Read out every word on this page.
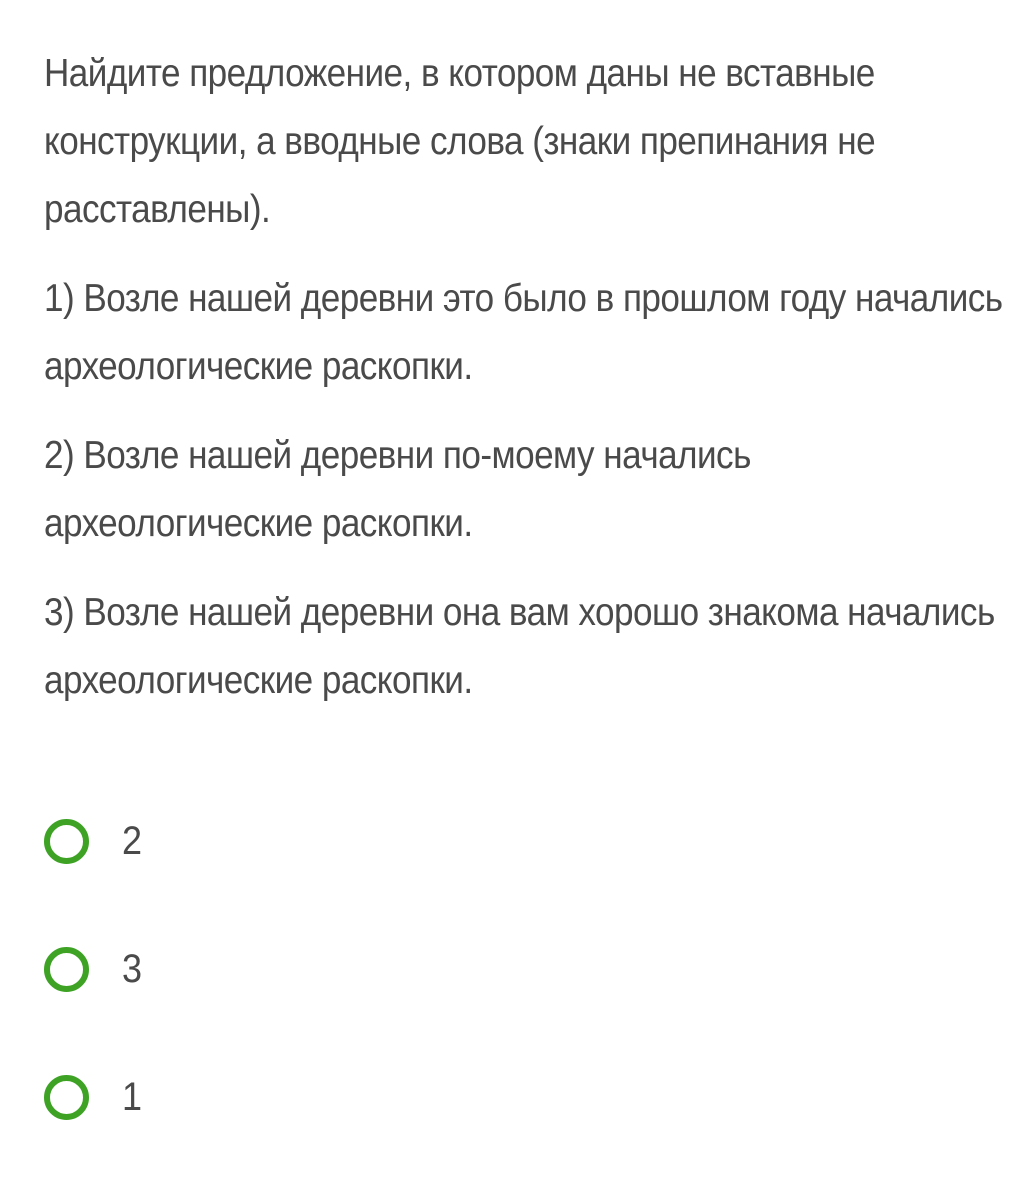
Найдите предложение, в котором даны не вставные конструкции, а вводные слова (знаки препинания не расставлены).

1) Возле нашей деревни это было в прошлом году начались археологические раскопки.

2) Возле нашей деревни по-моему начались археологические раскопки.

3) Возле нашей деревни она вам хорошо знакома начались археологические раскопки.

2
3
1
